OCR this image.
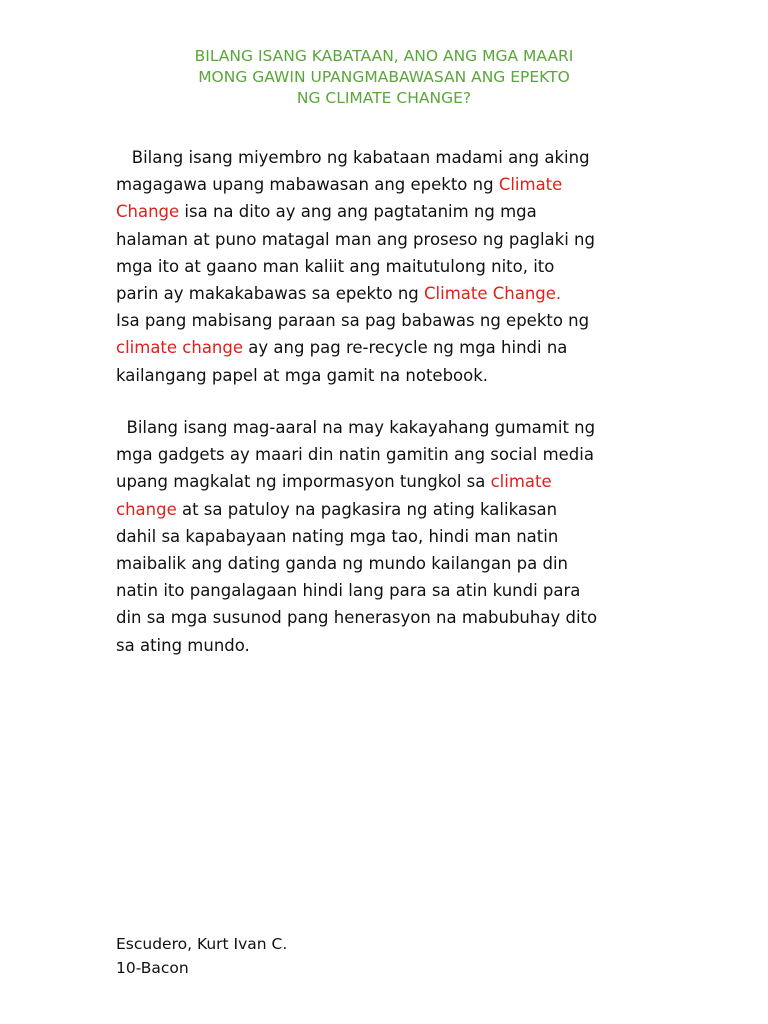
BILANG ISANG KABATAAN, ANO ANG MGA MAARI
MONG GAWIN UPANGMABAWASAN ANG EPEKTO
NG CLIMATE CHANGE?
Bilang isang miyembro ng kabataan madami ang aking
magagawa upang mabawasan ang epekto ng Climate
Change isa na dito ay ang ang pagtatanim ng mga
halaman at puno matagal man ang proseso ng paglaki ng
mga ito at gaano man kaliit ang maitutulong nito, ito
parin ay makakabawas sa epekto ng Climate Change.
Isa pang mabisang paraan sa pag babawas ng epekto ng
climate change ay ang pag re-recycle ng mga hindi na
kailangang papel at mga gamit na notebook.
Bilang isang mag-aaral na may kakayahang gumamit ng
mga gadgets ay maari din natin gamitin ang social media
upang magkalat ng impormasyon tungkol sa climate
change at sa patuloy na pagkasira ng ating kalikasan
dahil sa kapabayaan nating mga tao, hindi man natin
maibalik ang dating ganda ng mundo kailangan pa din
natin ito pangalagaan hindi lang para sa atin kundi para
din sa mga susunod pang henerasyon na mabubuhay dito
sa ating mundo.
Escudero, Kurt Ivan C.
10-Bacon
